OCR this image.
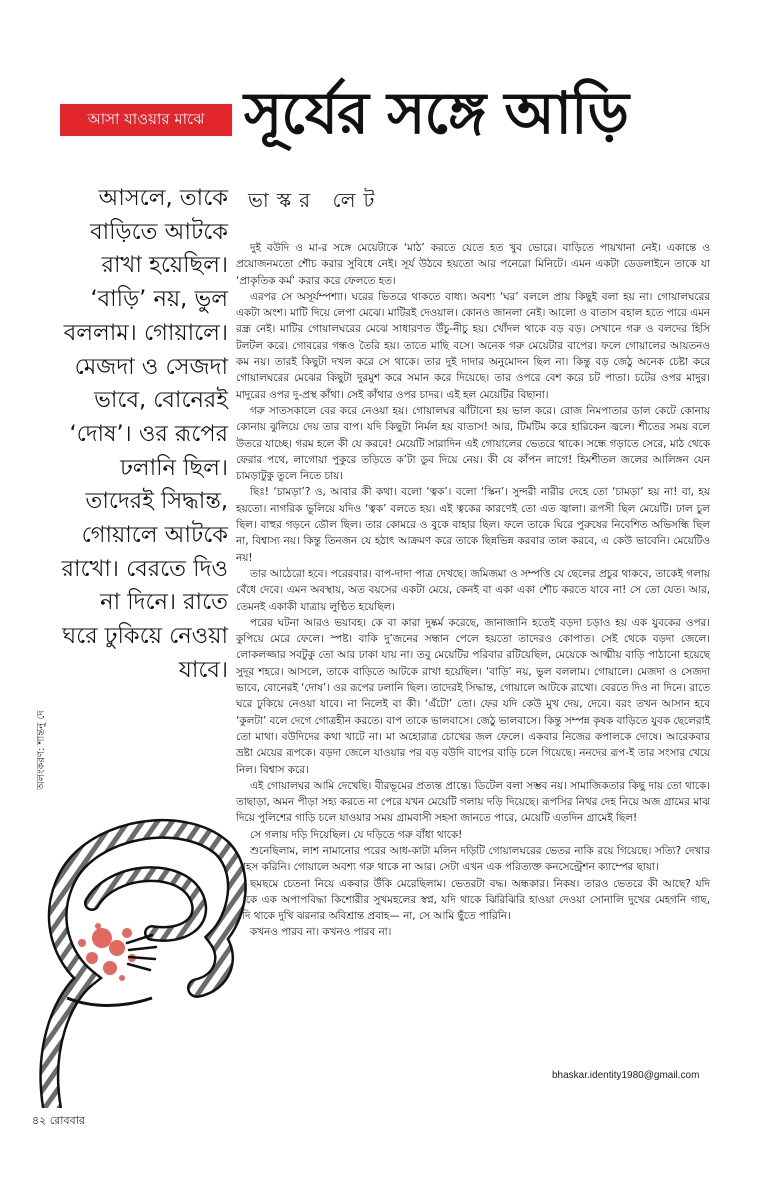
আসা যাওয়ার মাঝে সূর্যের সঙ্গে আড়ি

আসলে, তাকে বাড়িতে আটকে রাখা হয়েছিল। ‘বাড়ি’ নয়, ভুল বললাম। গোয়ালে। মেজদা ও সেজদা ভাবে, বোনেরই ‘দোষ’। ওর রূপের ঢলানি ছিল। তাদেরই সিদ্ধান্ত, গোয়ালে আটকে রাখো। বেরতে দিও না দিনে। রাতে ঘরে ঢুকিয়ে নেওয়া যাবে।

ভাস্কর লেট

দুই বউদি ও মা-র সঙ্গে মেয়েটাকে ‘মাঠ’ করতে যেতে হত খুব ভোরে। বাড়িতে পায়খানা নেই। একান্তে ও প্রয়োজনমতো শৌচ করার সুবিধে নেই। সূর্য উঠবে হয়তো আর পনেরো মিনিটে। এমন একটা ডেডলাইনে তাকে যা ‘প্রাকৃতিক কর্ম’ করার করে ফেলতে হত।

এরপর সে অসূর্যম্পশ্যা। ঘরের ভিতরে থাকতে বাধ্য। অবশ্য ‘ঘর’ বললে প্রায় কিছুই বলা হয় না। গোয়ালঘরের একটা অংশ। মাটি দিয়ে লেপা মেঝে। মাটিরই দেওয়াল। কোনও জানলা নেই। আলো ও বাতাস বহাল হতে পারে এমন রন্ধ্র নেই। মাটির গোয়ালঘরের মেঝে সাধারণত উঁচু-নীচু হয়। খোঁদল থাকে বড় বড়। সেখানে গরু ও বলদের হিসি টলটল করে। গোবরের গন্ধও তৈরি হয়। তাতে মাছি বসে। অনেক গরু মেয়েটার বাপের। ফলে গোয়ালের আয়তনও কম নয়। তারই কিছুটা দখল করে সে থাকে। তার দুই দাদার অনুমোদন ছিল না। কিন্তু বড় জেঠু অনেক চেষ্টা করে গোয়ালঘরের মেঝের কিছুটা দুরমুশ করে সমান করে দিয়েছে। তার ওপরে বেশ করে চট পাতা। চটের ওপর মাদুর। মাদুরের ওপর দু-প্রস্থ কাঁথা। সেই কাঁথার ওপর চাদর। এই হল মেয়েটির বিছানা।

গরু সাতসকালে বের করে নেওয়া হয়। গোয়ালঘর ঝাঁটানো হয় ভাল করে। রোজ নিমপাতার ডাল কেটে কোনায় কোনায় ঝুলিয়ে দেয় তার বাপ। যদি কিছুটা নির্মল হয় বাতাস! আর, টিমটিম করে হারিকেন জ্বলে। শীতের সময় বলে উতরে যাচ্ছে। গরম হলে কী যে করবে! মেয়েটি সারাদিন এই গোয়ালের ভেতরে থাকে। সন্ধে গড়াতে সেরে, মাঠ থেকে ফেরার পথে, লাগোয়া পুকুরে তড়িতে ক’টা ডুব দিয়ে নেয়। কী যে কাঁপন লাগে! হিমশীতল জলের আলিঙ্গন যেন চামড়াটুকু তুলে নিতে চায়।

ছিঃ! ‘চামড়া’? ও, আবার কী কথা। বলো ‘ত্বক’। বলো ‘স্কিন’। সুন্দরী নারীর দেহে তো ‘চামড়া’ হয় না! বা, হয় হয়তো। নাগরিক ভুলিয়ে যদিও ‘ত্বক’ বলতে হয়। এই ত্বকের কারণেই তো এত জ্বালা। রূপসী ছিল মেয়েটি। ঢাল চুল ছিল। বাহুর গড়নে ডৌল ছিল। তার কোমরে ও বুকে বাহার ছিল। ফলে তাকে ঘিরে পুরুষের নিবেশিত অভিসন্ধি ছিল না, বিশ্বাস্য নয়। কিন্তু তিনজন যে হঠাৎ আক্রমণ করে তাকে ছিন্নভিন্ন করবার তাল করবে, এ কেউ ভাবেনি। মেয়েটিও নয়!

তার আঠেরো হবে। পরেরবার। বাপ-দাদা পাত্র দেখছে। জমিজমা ও সম্পত্তি যে ছেলের প্রচুর থাকবে, তাকেই গলায় বেঁধে দেবে। এমন অবস্থায়, অত বয়সের একটা মেয়ে, কেনই বা একা একা শৌচ করতে যাবে না! সে তো যেত। আর, তেমনই একাকী যাত্রায় লুণ্ঠিত হয়েছিল।

পরের ঘটনা আরও ভয়াবহ। কে বা কারা দুষ্কর্ম করেছে, জানাজানি হতেই বড়দা চড়াও হয় এক যুবকের ওপর। কুপিয়ে মেরে ফেলে। স্পষ্ট। বাকি দু’জনের সন্ধান পেলে হয়তো তাদেরও কোপাত। সেই থেকে বড়দা জেলে। লোকলজ্জার সবটুকু তো আর ঢাকা যায় না। তবু মেয়েটির পরিবার রটিয়েছিল, মেয়েকে আত্মীয় বাড়ি পাঠানো হয়েছে সুদূর শহরে। আসলে, তাকে বাড়িতে আটকে রাখা হয়েছিল। ‘বাড়ি’ নয়, ভুল বললাম। গোয়ালে। মেজদা ও সেজদা ভাবে, বোনেরই ‘দোষ’। ওর রূপের ঢলানি ছিল। তাদেরই সিদ্ধান্ত, গোয়ালে আটকে রাখো। বেরতে দিও না দিনে। রাতে ঘরে ঢুকিয়ে নেওয়া যাবে। না নিলেই বা কী। ‘এঁটো’ তো। ফের যদি কেউ মুখ দেয়, দেবে। বরং তখন আসান হবে ‘কুলটা’ বলে দেগে গোত্রহীন করতে। বাপ তাকে ভালবাসে। জেঠু ভালবাসে। কিন্তু সম্পন্ন কৃষক বাড়িতে যুবক ছেলেরাই তো মাথা। বউদিদের কথা খাটে না। মা অহোরাত্র চোখের জল ফেলে। একবার নিজের কপালকে দোষে। আরেকবার ভ্রষ্টা মেয়ের রূপকে। বড়দা জেলে যাওয়ার পর বড় বউদি বাপের বাড়ি চলে গিয়েছে। ননদের রূপ-ই তার সংসার খেয়ে নিল। বিশ্বাস করে।

এই গোয়ালঘর আমি দেখেছি। বীরভূমের প্রত্যন্ত প্রান্তে। ডিটেল বলা সম্ভব নয়। সামাজিকতার কিছু দায় তো থাকে। তাছাড়া, অমন পীড়া সহ্য করতে না পেরে যখন মেয়েটি গলায় দড়ি দিয়েছে। রূপসির নিথর দেহ নিয়ে অজ গ্রামের মাঝ দিয়ে পুলিশের গাড়ি চলে যাওয়ার সময় গ্রামবাসী সহসা জানতে পারে, মেয়েটি এতদিন গ্রামেই ছিল!

সে গলায় দড়ি দিয়েছিল। যে দড়িতে গরু বাঁধা থাকে!

শুনেছিলাম, লাশ নামানোর পরের আধ-কাটা মলিন দড়িটি গোয়ালঘরের ভেতর নাকি রয়ে গিয়েছে। সত্যি? দেখার সাহস করিনি। গোয়ালে অবশ্য গরু থাকে না আর। সেটা এখন এক পরিত্যক্ত কনসেন্ট্রেশন ক্যাম্পের ছায়া।

ছমছমে চেতনা নিয়ে একবার উঁকি মেরেছিলাম। ভেতরটা বদ্ধ। অন্ধকার। নিকষ। তারও ভেতরে কী আছে? যদি থাকে এক অপাপবিদ্ধা কিশোরীর সুখমহলের স্বপ্ন, যদি থাকে ঝিরিঝিরি হাওয়া দেওয়া সোনালি দুখের মেহগনি গাছ, যদি থাকে দুখি ঝরনার অবিশ্রান্ত প্রবাহ— না, সে আমি ছুঁতে পারিনি।

কখনও পারব না। কখনও পারব না।

অলংকরণ: শান্তনু দে
bhaskar.identity1980@gmail.com
৪২ রোববার
